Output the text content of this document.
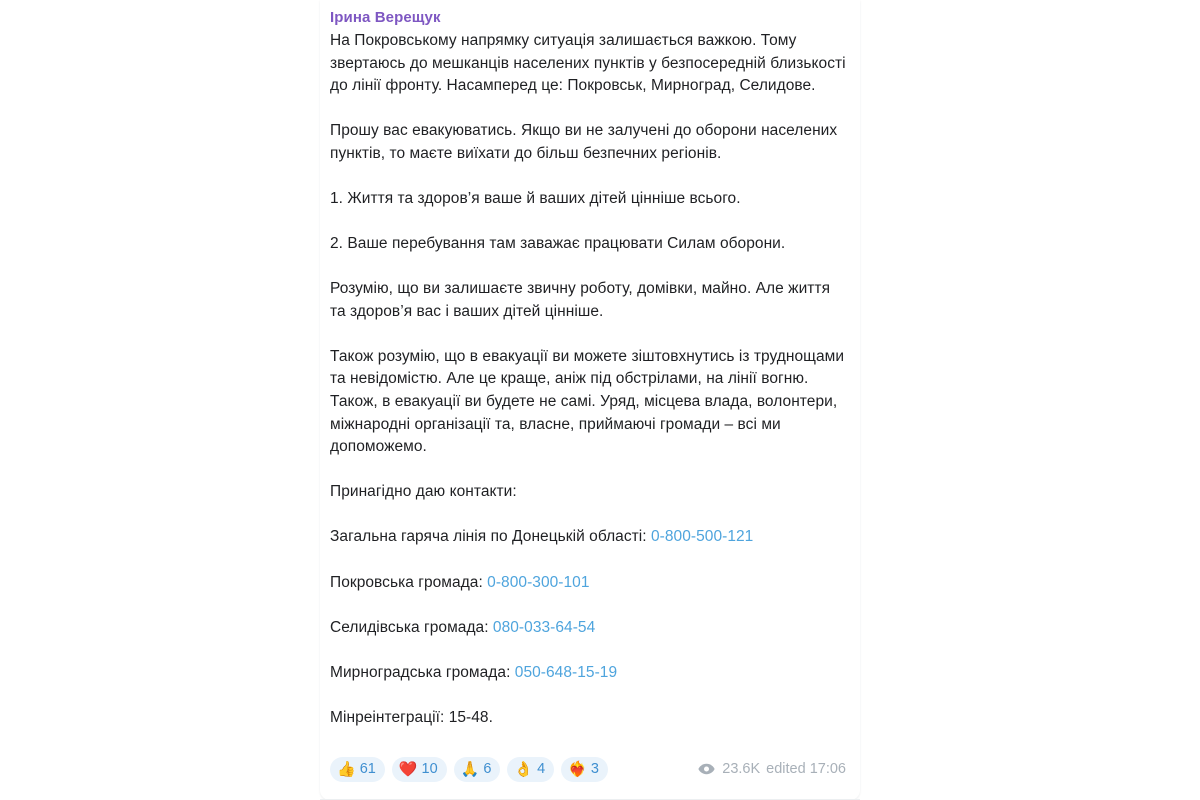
Ірина Верещук
На Покровському напрямку ситуація залишається важкою. Тому звертаюсь до мешканців населених пунктів у безпосередній близькості до лінії фронту. Насамперед це: Покровськ, Мирноград, Селидове.
Прошу вас евакуюватись. Якщо ви не залучені до оборони населених пунктів, то маєте виїхати до більш безпечних регіонів.
1. Життя та здоров’я ваше й ваших дітей цінніше всього.
2. Ваше перебування там заважає працювати Силам оборони.
Розумію, що ви залишаєте звичну роботу, домівки, майно. Але життя та здоров’я вас і ваших дітей цінніше.
Також розумію, що в евакуації ви можете зіштовхнутись із труднощами та невідомістю. Але це краще, аніж під обстрілами, на лінії вогню. Також, в евакуації ви будете не самі. Уряд, місцева влада, волонтери, міжнародні організації та, власне, приймаючі громади – всі ми допоможемо.
Принагідно даю контакти:
Загальна гаряча лінія по Донецькій області: 0-800-500-121
Покровська громада: 0-800-300-101
Селидівська громада: 080-033-64-54
Мирноградська громада: 050-648-15-19
Мінреінтеграції: 15-48.
👍 61 ❤️ 10 🙏 6 👌 4 ❤️‍🔥 3	23.6K edited 17:06
